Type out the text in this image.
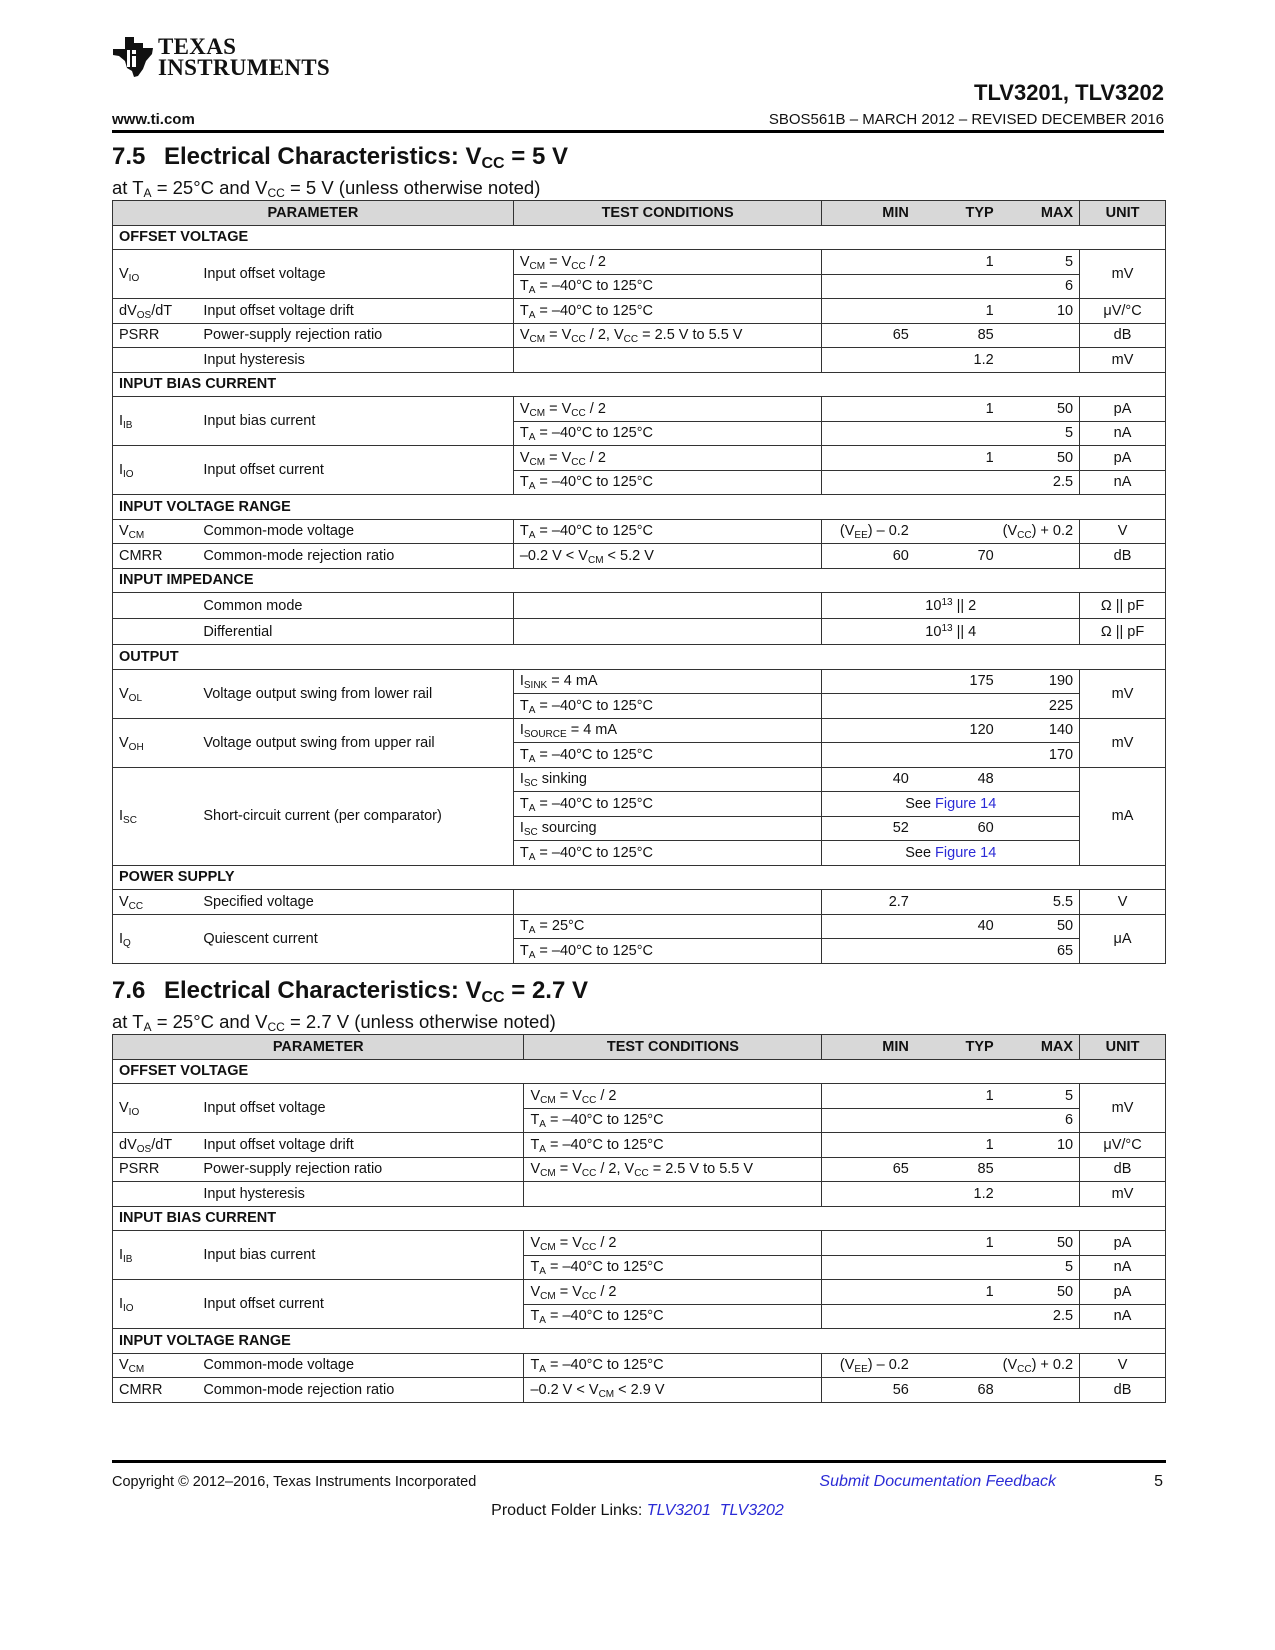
TEXAS
INSTRUMENTS
TLV3201, TLV3202
www.ti.com	SBOS561B – MARCH 2012 – REVISED DECEMBER 2016
7.5 Electrical Characteristics: $V_{CC} = 5$ V
at $T_A = 25^\circ C$ and $V_{CC} = 5$ V (unless otherwise noted)
PARAMETER		TEST CONDITIONS	MIN	TYP	MAX	UNIT
OFFSET VOLTAGE						
$V_{IO}$	Input offset voltage	$V_{CM} = V_{CC} / 2$		1	5	mV
		$T_A = -40^\circ C$ to 125°C			6	
$dV_{OS}/dT$	Input offset voltage drift	$T_A = -40^\circ C$ to 125°C		1	10	μV/°C
PSRR	Power-supply rejection ratio	$V_{CM} = V_{CC} / 2$, $V_{CC} = 2.5$ V to 5.5 V	65	85		dB
	Input hysteresis			1.2		mV
INPUT BIAS CURRENT						
$I_{IB}$	Input bias current	$V_{CM} = V_{CC} / 2$		1	50	pA
		$T_A = -40^\circ C$ to 125°C			5	nA
$I_{IO}$	Input offset current	$V_{CM} = V_{CC} / 2$		1	50	pA
		$T_A = -40^\circ C$ to 125°C			2.5	nA
INPUT VOLTAGE RANGE						
$V_{CM}$	Common-mode voltage	$T_A = -40^\circ C$ to 125°C	$(V_{EE}) - 0.2$		$(V_{CC}) + 0.2$	V
CMRR	Common-mode rejection ratio	–0.2 $V < V_{CM} < 5.2$ V	60	70		dB
INPUT IMPEDANCE						
	Common mode		$10^{13}$ || 2			Ω || pF
	Differential		$10^{13}$ || 4			Ω || pF
OUTPUT						
$V_{OL}$	Voltage output swing from lower rail	$I_{SINK} = 4$ mA		175	190	mV
		$T_A = -40^\circ C$ to 125°C			225	
$V_{OH}$	Voltage output swing from upper rail	$I_{SOURCE} = 4$ mA		120	140	mV
		$T_A = -40^\circ C$ to 125°C			170	
$I_{SC}$	Short-circuit current (per comparator)	$I_{SC}$ sinking	40	48		mA
		$T_A = -40^\circ C$ to 125°C	See Figure 14			
		$I_{SC}$ sourcing	52	60		
		$T_A = -40^\circ C$ to 125°C	See Figure 14			
POWER SUPPLY						
$V_{CC}$	Specified voltage		2.7		5.5	V
$I_Q$	Quiescent current	$T_A = 25^\circ C$		40	50	μA
		$T_A = -40^\circ C$ to 125°C			65	
7.6 Electrical Characteristics: $V_{CC} = 2.7$ V
at $T_A = 25^\circ C$ and $V_{CC} = 2.7$ V (unless otherwise noted)
PARAMETER		TEST CONDITIONS	MIN	TYP	MAX	UNIT
OFFSET VOLTAGE						
$V_{IO}$	Input offset voltage	$V_{CM} = V_{CC} / 2$		1	5	mV
		$T_A = -40^\circ C$ to 125°C			6	
$dV_{OS}/dT$	Input offset voltage drift	$T_A = -40^\circ C$ to 125°C		1	10	μV/°C
PSRR	Power-supply rejection ratio	$V_{CM} = V_{CC} / 2$, $V_{CC} = 2.5$ V to 5.5 V	65	85		dB
	Input hysteresis			1.2		mV
INPUT BIAS CURRENT						
$I_{IB}$	Input bias current	$V_{CM} = V_{CC} / 2$		1	50	pA
		$T_A = -40^\circ C$ to 125°C			5	nA
$I_{IO}$	Input offset current	$V_{CM} = V_{CC} / 2$		1	50	pA
		$T_A = -40^\circ C$ to 125°C			2.5	nA
INPUT VOLTAGE RANGE						
$V_{CM}$	Common-mode voltage	$T_A = -40^\circ C$ to 125°C	$(V_{EE}) - 0.2$		$(V_{CC}) + 0.2$	V
CMRR	Common-mode rejection ratio	–0.2 $V < V_{CM} < 2.9$ V	56	68		dB
Copyright © 2012–2016, Texas Instruments Incorporated	Submit Documentation Feedback	5
Product Folder Links: TLV3201 TLV3202
